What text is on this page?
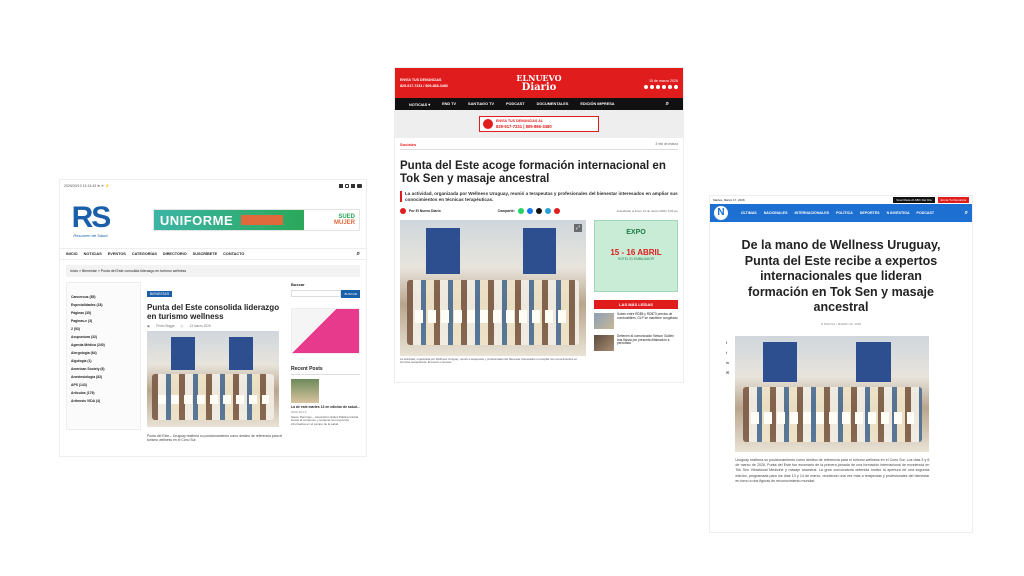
2026/03/13 13:13:43 ⊕ ☀ ⚡
RS
Resumen de Salud
UNIFORME	SUED
MUJER
INICIO NOTICIAS EVENTOS CATEGORÍAS DIRECTORIO SUSCRÍBETE CONTACTO	⌕
Inicio » Bienestar » Punta del Este consolida liderazgo en turismo wellness
Cancerous (85)
Especialidades (18)
Páginas (35)
Paginas-e (3)
2 (53)
Acupuntura (32)
Agenda Médica (240)
Alergología (64)
Algología (1)
American Society (8)
Anestesiología (82)
APS (143)
Artículos (179)
Arthrosis VIDA (4)
BIENESTAR
Punta del Este consolida liderazgo en turismo wellness
▣ Pedro Bugge ◷ 13 marzo 2026

Punta del Este.– Uruguay reafirma su posicionamiento como destino de referencia para el turismo wellness en el Cono Sur.

Buscar
BUSCAR
Recent Posts
La de este martes 13 en edición de salud...
2026-03-13
Santo Domingo.– Asociación Salud Pública Global busca el consenso y sostener la proyección informativa en el campo de la salud.
ENVÍA TUS DENUNCIAS
829-917-7231 / 809-866-3480
ELNUEVO
Diario
15 de marzo 2026
NOTICIAS ▾	END TV	SANTIAGO TV	PODCAST	DOCUMENTALES	EDICIÓN IMPRESA	⌕
ENVÍA TUS DENUNCIAS AL
829-917-7231 | 809-866-3480
Sociales	3 min de lectura
Punta del Este acoge formación internacional en Tok Sen y masaje ancestral

La actividad, organizada por Wellness Uruguay, reunió a terapeutas y profesionales del bienestar interesados en ampliar sus conocimientos en técnicas terapéuticas.

Por El Nuevo Diario	Compartir:	Actualizado el lunes, 16 de marzo 2026 | 6:00 pm
⤢

La actividad, organizada por Wellness Uruguay, reunió a terapeutas y profesionales del bienestar interesados en ampliar sus conocimientos en técnicas terapéuticas. El evento entonces

EXPO
15 - 16 ABRIL
HOTEL EL EMBAJADOR
LAS MÁS LEÍDAS
Suben entre RD$5 y RD$73 precios de combustibles; GLP se mantiene congelado
Detienen al comunicador Nelson Guillén tras fianza por presunta difamación a periodista
Martes, Marzo 17, 2026	Suscríbete Al ABC Del Día	Envía Tu Denuncia
N	ÚLTIMAS NACIONALES INTERNACIONALES POLÍTICA DEPORTES N INVESTIGA PODCAST	⌕
De la mano de Wellness Uruguay, Punta del Este recibe a expertos internacionales que lideran formación en Tok Sen y masaje ancestral
N DIGITAL | MARZO 16, 2026
f
t
in
✉

Uruguay reafirma su posicionamiento como destino de referencia para el turismo wellness en el Cono Sur. Los días 5 y 6 de marzo de 2026, Punta del Este fue escenario de la primera jornada de una formación internacional de excelencia en Tok Sen Vibrational Medicine y masaje ancestral. La gran convocatoria obtenida motivó la apertura de una segunda edición, programada para los días 13 y 14 de marzo, reuniendo una vez más a terapeutas y profesionales del bienestar en torno a dos figuras de reconocimiento mundial.
